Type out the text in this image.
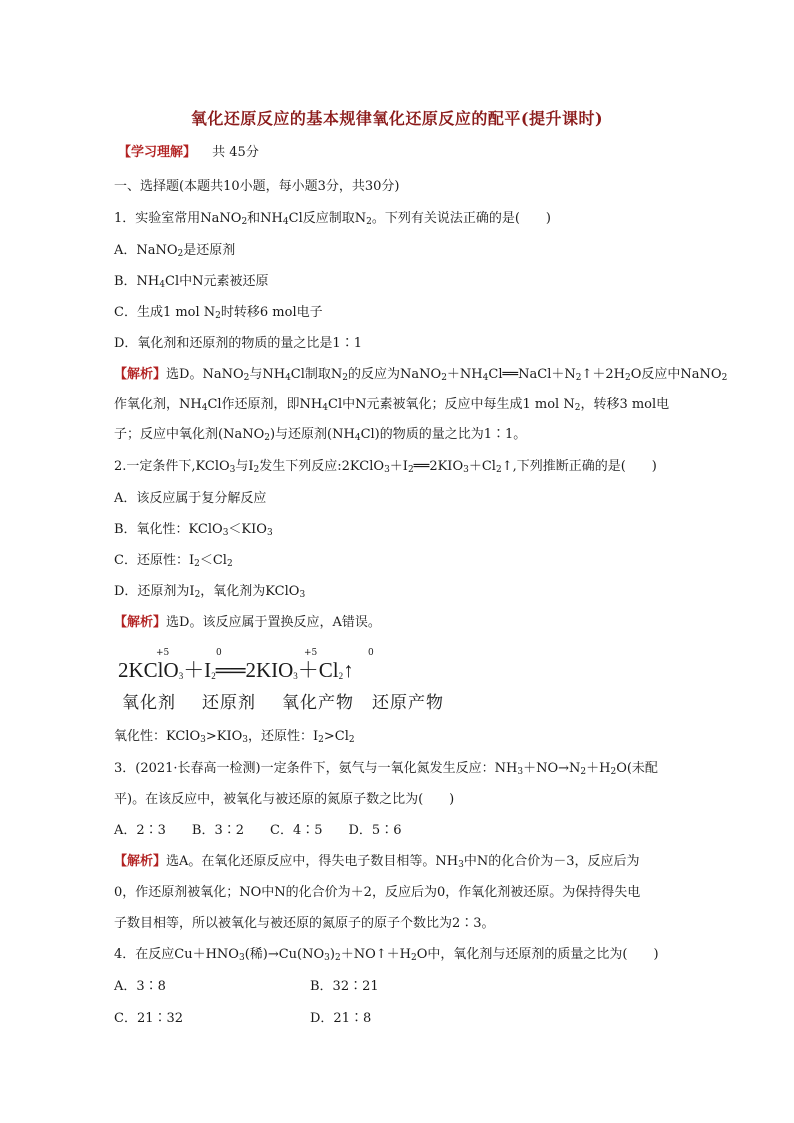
氧化还原反应的基本规律氧化还原反应的配平(提升课时)
【学习理解】 共 45分
一、选择题(本题共10小题，每小题3分，共30分)
1．实验室常用NaNO$_2$和$NH_4Cl$反应制取$N_2$。下列有关说法正确的是(　　)
A．NaNO$_2$是还原剂
B．$NH_4Cl$中N元素被还原
C．生成1 mol $N_2$时转移6 mol电子
D．氧化剂和还原剂的物质的量之比是1∶1
【解析】选D。NaNO$_2$与$NH_4Cl$制取$N_2$的反应为$NaNO_2+NH_4Cl══NaCl+N_2↑+2H_2O$反应中NaNO$_2$
作氧化剂，$NH_4Cl$作还原剂，即$NH_4Cl$中N元素被氧化；反应中每生成1 mol $N_2$，转移3 mol电
子；反应中氧化剂(NaNO$_2$)与还原剂$(NH_4Cl)$的物质的量之比为1∶1。
2.一定条件下,KClO$_3$与$I_2$发生下列反应$:2KClO_3+I_2══2KIO_3+Cl_2↑$,下列推断正确的是(　　)
A．该反应属于复分解反应
B．氧化性：$KClO_3<KIO_3$
C．还原性：$I_2<Cl_2$
D．还原剂为$I_2$，氧化剂为KClO$_3$
【解析】选D。该反应属于置换反应，A错误。
$2KClO_3+I_2══2KIO_3+Cl_2↑$
+5	0	+5	0
氧化剂 还原剂 氧化产物 还原产物
氧化性：$KClO_3>KIO_3$，还原性：$I_2>Cl_2$
3．(2021·长春高一检测)一定条件下，氨气与一氧化氮发生反应：$NH_3+NO\to N_2+H_2O$(未配
平)。在该反应中，被氧化与被还原的氮原子数之比为(　　)
A．2∶3　　B．3∶2　　C．4∶5　　D．5∶6
【解析】选A。在氧化还原反应中，得失电子数目相等。$NH_3$中N的化合价为－3，反应后为
0，作还原剂被氧化；NO中N的化合价为＋2，反应后为0，作氧化剂被还原。为保持得失电
子数目相等，所以被氧化与被还原的氮原子的原子个数比为2∶3。
4．在反应$Cu+HNO_3$(稀)$\to Cu(NO_3)_2+NO↑+H_2O$中，氧化剂与还原剂的质量之比为(　　)
A．3∶8	B．32∶21
C．21∶32	D．21∶8
